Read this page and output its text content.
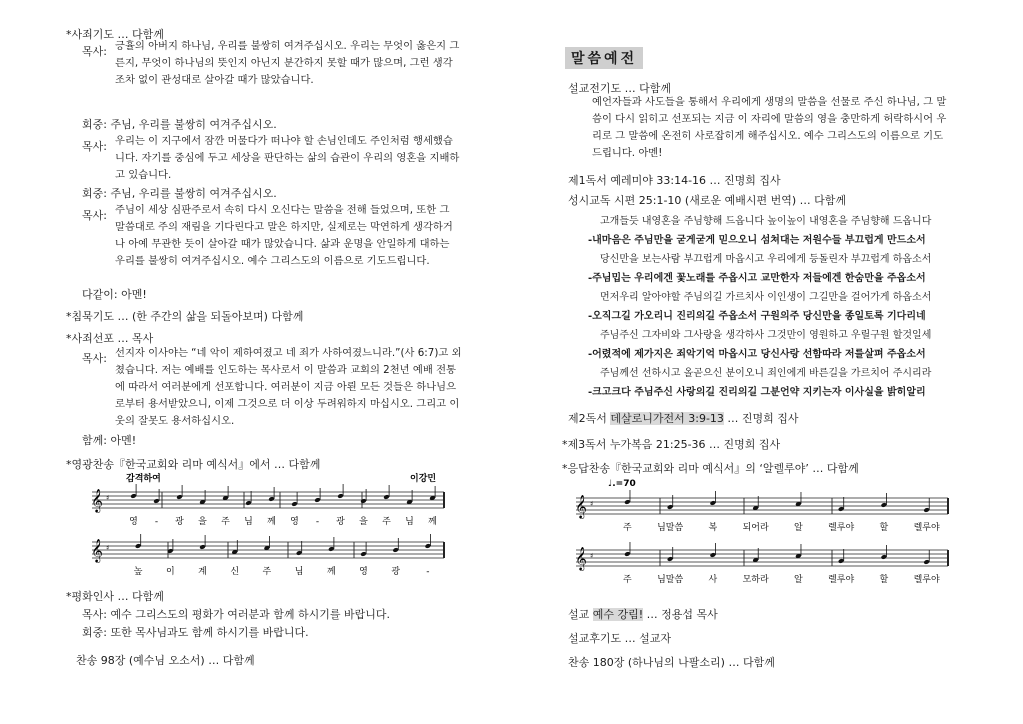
*사죄기도 … 다함께
목사: 긍휼의 아버지 하나님, 우리를 불쌍히 여겨주십시오. 우리는 무엇이 옳은지 그른지, 무엇이 하나님의 뜻인지 아닌지 분간하지 못할 때가 많으며, 그런 생각조차 없이 관성대로 살아갈 때가 많았습니다.
회중: 주님, 우리를 불쌍히 여겨주십시오.
목사: 우리는 이 지구에서 잠깐 머물다가 떠나야 할 손님인데도 주인처럼 행세했습니다. 자기를 중심에 두고 세상을 판단하는 삶의 습관이 우리의 영혼을 지배하고 있습니다.
회중: 주님, 우리를 불쌍히 여겨주십시오.
목사: 주님이 세상 심판주로서 속히 다시 오신다는 말씀을 전해 들었으며, 또한 그 말씀대로 주의 재림을 기다린다고 말은 하지만, 실제로는 막연하게 생각하거나 아예 무관한 듯이 살아갈 때가 많았습니다. 삶과 운명을 안일하게 대하는 우리를 불쌍히 여겨주십시오. 예수 그리스도의 이름으로 기도드립니다.
다같이: 아멘!
*침묵기도 … (한 주간의 삶을 되돌아보며) 다함께
*사죄선포 … 목사
목사: 선지자 이사야는 “네 악이 제하여졌고 네 죄가 사하여졌느니라.”(사 6:7)고 외쳤습니다. 저는 예배를 인도하는 목사로서 이 말씀과 교회의 2천년 예배 전통에 따라서 여러분에게 선포합니다. 여러분이 지금 아뢴 모든 것들은 하나님으로부터 용서받았으니, 이제 그것으로 더 이상 두려워하지 마십시오. 그리고 이웃의 잘못도 용서하십시오.
함께: 아멘!
*영광찬송『한국교회와 리마 예식서』에서 … 다함께
감격하여	이강민
𝄞 ♯
영 - 광 을 주 님 께 영 - 광 을 주 님 께
𝄞 ♯
높	이	계	신	주	님	께	영	광	-
*평화인사 … 다함께
목사: 예수 그리스도의 평화가 여러분과 함께 하시기를 바랍니다.
회중: 또한 목사님과도 함께 하시기를 바랍니다.
찬송 98장 (예수님 오소서) … 다함께
말씀예전
설교전기도 … 다함께
예언자들과 사도들을 통해서 우리에게 생명의 말씀을 선물로 주신 하나님, 그 말씀이 다시 읽히고 선포되는 지금 이 자리에 말씀의 영을 충만하게 허락하시어 우리로 그 말씀에 온전히 사로잡히게 해주십시오. 예수 그리스도의 이름으로 기도드립니다. 아멘!
제1독서 예레미야 33:14-16 … 진명희 집사
성시교독 시편 25:1-10 (새로운 예배시편 번역) … 다함께
고개들듯 내영혼을 주님향해 드옵니다 높이높이 내영혼을 주님향해 드옵니다
-내마음은 주님만을 굳게굳게 믿으오니 섬쳐대는 저원수들 부끄럽게 만드소서
당신만을 보는사람 부끄럽게 마옵시고 우리에게 등돌린자 부끄럽게 하옵소서
-주님밉는 우리에겐 꽃노래를 주옵시고 교만한자 저들에겐 한숨만을 주옵소서
먼저우리 알아야할 주님의길 가르치사 이인생이 그길만을 걸어가게 하옵소서
-오직그길 가오리니 진리의길 주옵소서 구원의주 당신만을 종일토록 기다리네
주님주신 그자비와 그사랑을 생각하사 그것만이 영원하고 우릴구원 할것일세
-어렸적에 제가지은 죄악기억 마옵시고 당신사랑 선함따라 저를살펴 주옵소서
주님께선 선하시고 올곧으신 분이오니 죄인에게 바른길을 가르치어 주시리라
-크고크다 주님주신 사랑의길 진리의길 그분언약 지키는자 이사실을 밝히알리
제2독서 데살로니가전서 3:9-13 … 진명희 집사
*제3독서 누가복음 21:25-36 … 진명희 집사
*응답찬송『한국교회와 리마 예식서』의 ‘알렐루야’ … 다함께
♩.=70
𝄞 ♯
주	님말씀	복	되어라	알	렐루야	할	렐루야
𝄞 ♯
주	님말씀	사	모하라	알	렐루야	할	렐루야
설교 예수 강림! … 정용섭 목사
설교후기도 … 설교자
찬송 180장 (하나님의 나팔소리) … 다함께
